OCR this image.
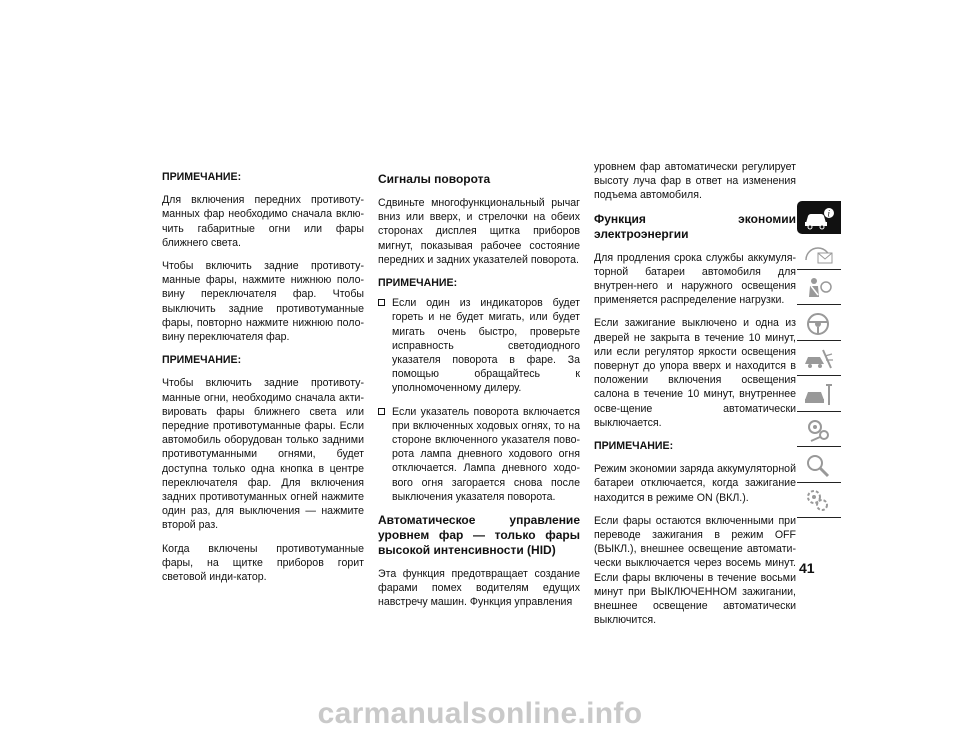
ПРИМЕЧАНИЕ:

Для включения передних противоту-манных фар необходимо сначала вклю-чить габаритные огни или фары ближнего света.

Чтобы включить задние противоту-манные фары, нажмите нижнюю поло-вину переключателя фар. Чтобы выключить задние противотуманные фары, повторно нажмите нижнюю поло-вину переключателя фар.

ПРИМЕЧАНИЕ:

Чтобы включить задние противоту-манные огни, необходимо сначала акти-вировать фары ближнего света или передние противотуманные фары. Если автомобиль оборудован только задними противотуманными огнями, будет доступна только одна кнопка в центре переключателя фар. Для включения задних противотуманных огней нажмите один раз, для выключения — нажмите второй раз.

Когда включены противотуманные фары, на щитке приборов горит световой инди-катор.

Сигналы поворота

Сдвиньте многофункциональный рычаг вниз или вверх, и стрелочки на обеих сторонах дисплея щитка приборов мигнут, показывая рабочее состояние передних и задних указателей поворота.

ПРИМЕЧАНИЕ:

Если один из индикаторов будет гореть и не будет мигать, или будет мигать очень быстро, проверьте исправность светодиодного указателя поворота в фаре. За помощью обращайтесь к уполномоченному дилеру.
Если указатель поворота включается при включенных ходовых огнях, то на стороне включенного указателя пово-рота лампа дневного ходового огня отключается. Лампа дневного ходо-вого огня загорается снова после выключения указателя поворота.

Автоматическое управление уровнем фар — только фары высокой интенсивности (HID)

Эта функция предотвращает создание фарами помех водителям едущих навстречу машин. Функция управления

уровнем фар автоматически регулирует высоту луча фар в ответ на изменения подъема автомобиля.

Функция экономии электроэнергии

Для продления срока службы аккумуля-торной батареи автомобиля для внутрен-него и наружного освещения применяется распределение нагрузки.

Если зажигание выключено и одна из дверей не закрыта в течение 10 минут, или если регулятор яркости освещения повернут до упора вверх и находится в положении включения освещения салона в течение 10 минут, внутреннее осве-щение автоматически выключается.

ПРИМЕЧАНИЕ:

Режим экономии заряда аккумуляторной батареи отключается, когда зажигание находится в режиме ON (ВКЛ.).

Если фары остаются включенными при переводе зажигания в режим OFF (ВЫКЛ.), внешнее освещение автомати-чески выключается через восемь минут. Если фары включены в течение восьми минут при ВЫКЛЮЧЕННОМ зажигании, внешнее освещение автоматически выключится.

i
41
carmanualsonline.info
